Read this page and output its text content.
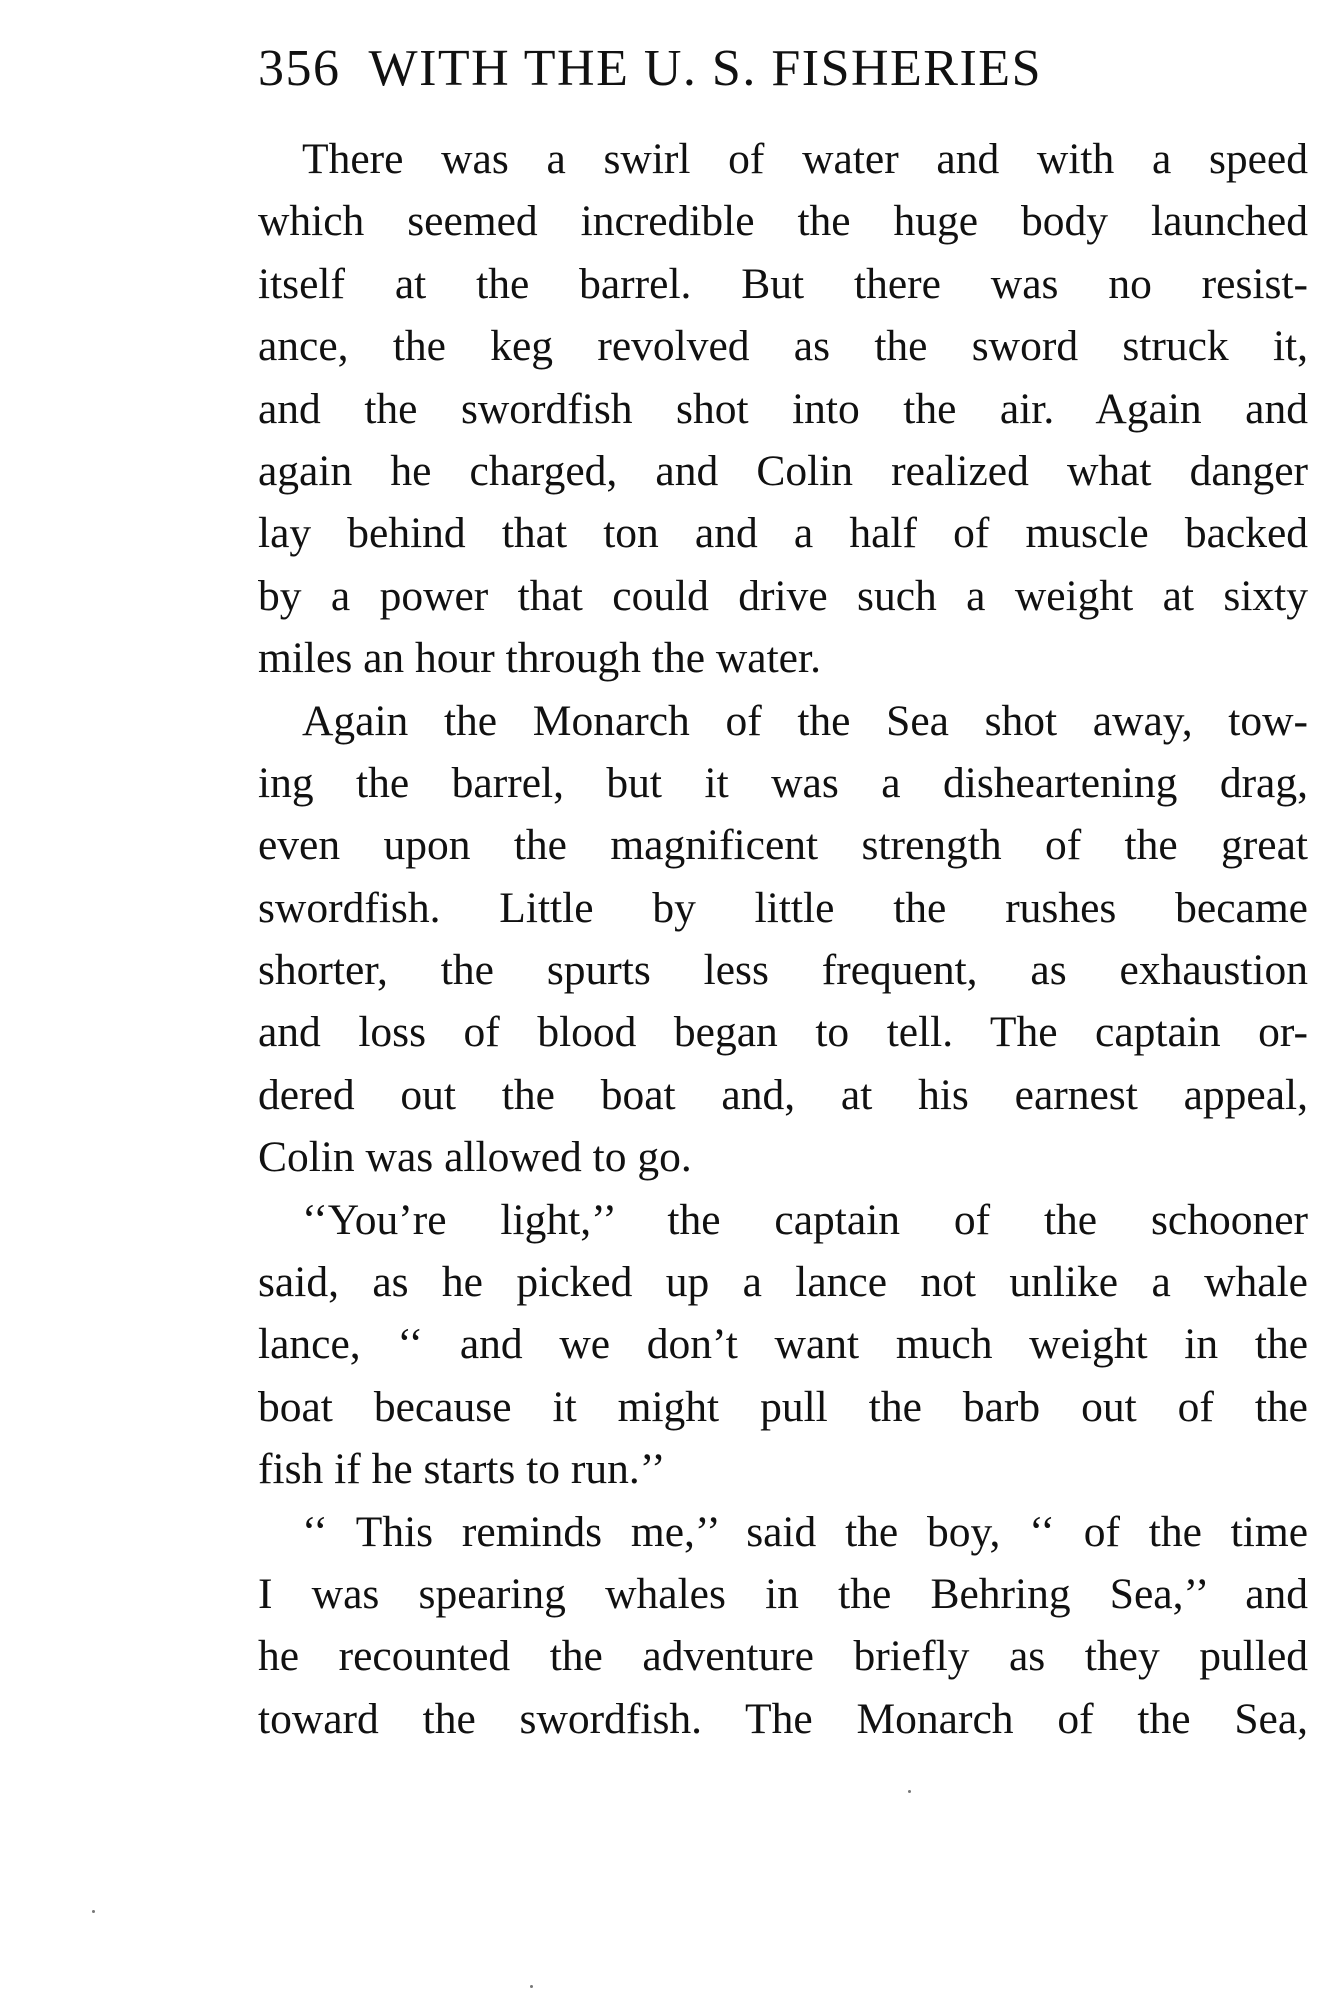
356 WITH THE U. S. FISHERIES

There was a swirl of water and with a speed
which seemed incredible the huge body launched
itself at the barrel. But there was no resist-
ance, the keg revolved as the sword struck it,
and the swordfish shot into the air. Again and
again he charged, and Colin realized what danger
lay behind that ton and a half of muscle backed
by a power that could drive such a weight at sixty
miles an hour through the water.

Again the Monarch of the Sea shot away, tow-
ing the barrel, but it was a disheartening drag,
even upon the magnificent strength of the great
swordfish. Little by little the rushes became
shorter, the spurts less frequent, as exhaustion
and loss of blood began to tell. The captain or-
dered out the boat and, at his earnest appeal,
Colin was allowed to go.

‘‘You’re light,’’ the captain of the schooner
said, as he picked up a lance not unlike a whale
lance, ‘‘ and we don’t want much weight in the
boat because it might pull the barb out of the
fish if he starts to run.’’

‘‘ This reminds me,’’ said the boy, ‘‘ of the time
I was spearing whales in the Behring Sea,’’ and
he recounted the adventure briefly as they pulled
toward the swordfish. The Monarch of the Sea,
